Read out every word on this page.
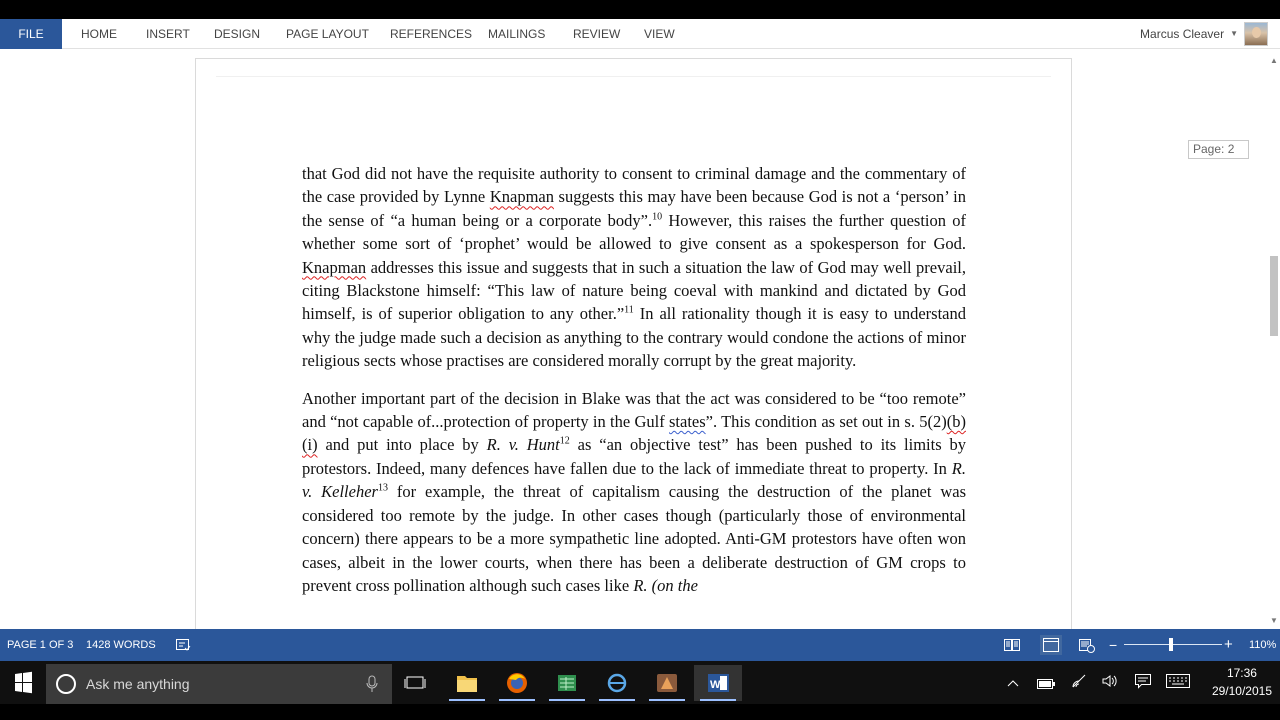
FILE	HOME INSERT DESIGN PAGE LAYOUT REFERENCES MAILINGS REVIEW VIEW	Marcus Cleaver ▼

that God did not have the requisite authority to consent to criminal damage and the commentary of the case provided by Lynne Knapman suggests this may have been because God is not a ‘person’ in the sense of “a human being or a corporate body”.$^{10}$ However, this raises the further question of whether some sort of ‘prophet’ would be allowed to give consent as a spokesperson for God. Knapman addresses this issue and suggests that in such a situation the law of God may well prevail, citing Blackstone himself: “This law of nature being coeval with mankind and dictated by God himself, is of superior obligation to any other.”$^{11}$ In all rationality though it is easy to understand why the judge made such a decision as anything to the contrary would condone the actions of minor religious sects whose practises are considered morally corrupt by the great majority.

Another important part of the decision in Blake was that the act was considered to be “too remote” and “not capable of...protection of property in the Gulf states”. This condition as set out in s. 5(2)(b)(i) and put into place by R. v. Hunt$^{12}$ as “an objective test” has been pushed to its limits by protestors. Indeed, many defences have fallen due to the lack of immediate threat to property. In R. v. Kelleher$^{13}$ for example, the threat of capitalism causing the destruction of the planet was considered too remote by the judge. In other cases though (particularly those of environmental concern) there appears to be a more sympathetic line adopted. Anti-GM protestors have often won cases, albeit in the lower courts, when there has been a deliberate destruction of GM crops to prevent cross pollination although such cases like R. (on the

Page: 2
▲
▼
PAGE 1 OF 3 1428 WORDS	−	+ 110%
Ask me anything	W
17:36
29/10/2015
